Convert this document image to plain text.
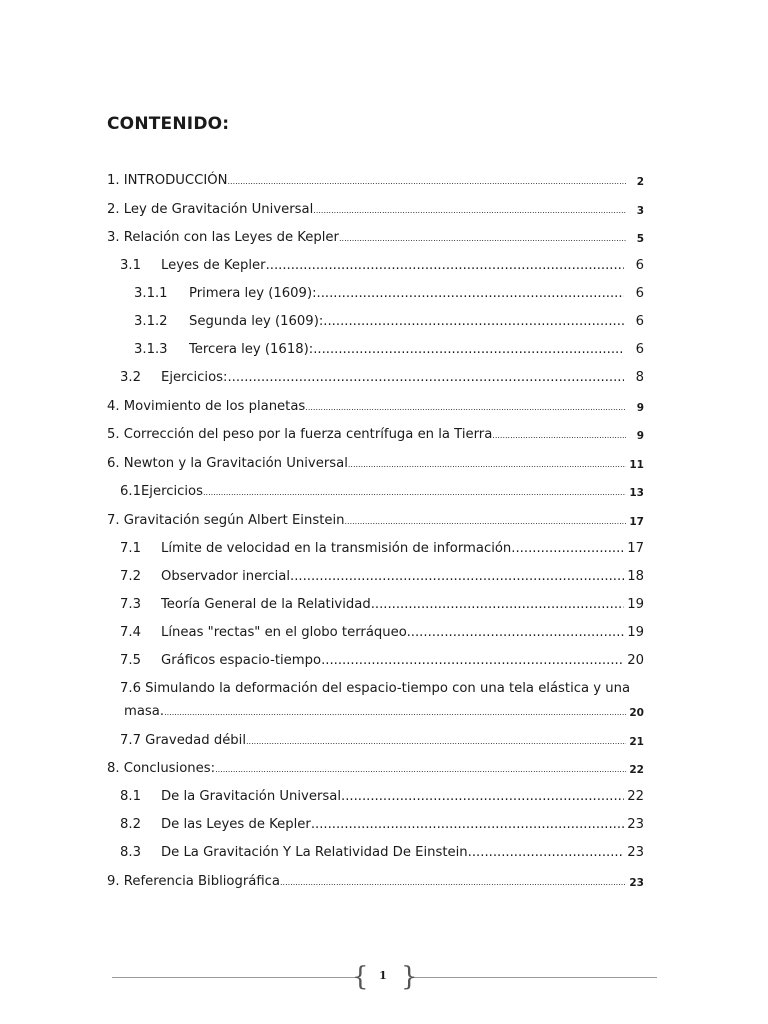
CONTENIDO:
1. INTRODUCCIÓN .....	2
2. Ley de Gravitación Universal .....	3
3. Relación con las Leyes de Kepler .....	5
3.1 Leyes de Kepler .....	6
3.1.1 Primera ley (1609): .....	6
3.1.2 Segunda ley (1609): .....	6
3.1.3 Tercera ley (1618): .....	6
3.2 Ejercicios: .....	8
4. Movimiento de los planetas .....	9
5. Corrección del peso por la fuerza centrífuga en la Tierra .....	9
6. Newton y la Gravitación Universal .....	11
6.1Ejercicios .....	13
7. Gravitación según Albert Einstein .....	17
7.1 Límite de velocidad en la transmisión de información .....	17
7.2 Observador inercial .....	18
7.3 Teoría General de la Relatividad .....	19
7.4 Líneas "rectas" en el globo terráqueo. .....	19
7.5 Gráficos espacio-tiempo .....	20
7.6 Simulando la deformación del espacio-tiempo con una tela elástica y una
masa. .....	20
7.7 Gravedad débil .....	21
8. Conclusiones: .....	22
8.1 De la Gravitación Universal .....	22
8.2 De las Leyes de Kepler .....	23
8.3 De La Gravitación Y La Relatividad De Einstein .....	23
9. Referencia Bibliográfica .....	23
{ }
1
